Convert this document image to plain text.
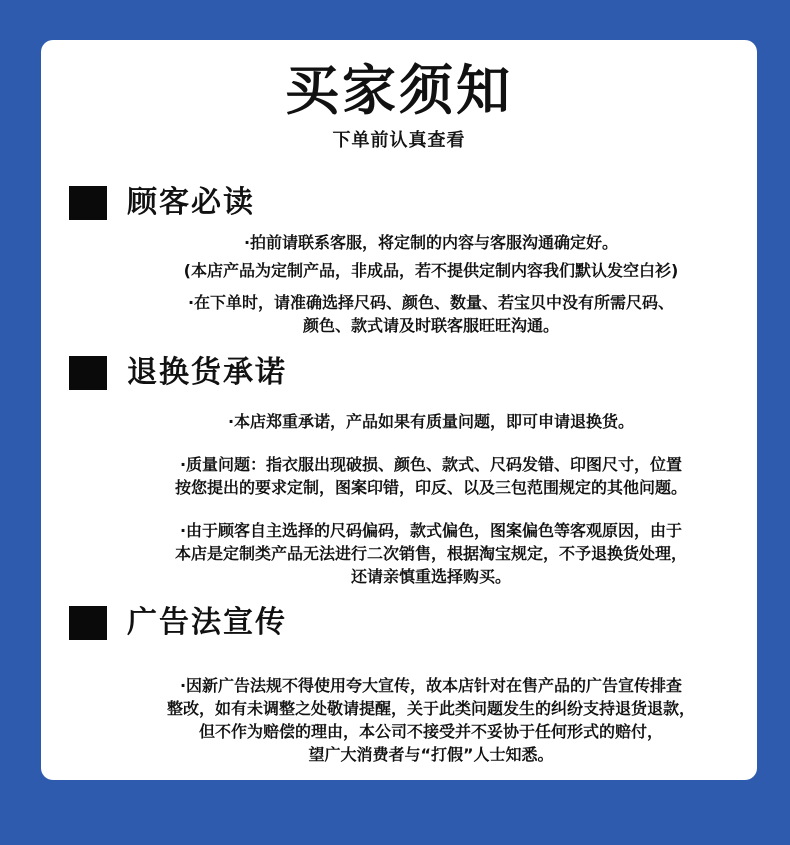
买家须知
下单前认真查看
顾客必读
·拍前请联系客服，将定制的内容与客服沟通确定好。
(本店产品为定制产品，非成品，若不提供定制内容我们默认发空白衫)
·在下单时，请准确选择尺码、颜色、数量、若宝贝中没有所需尺码、
颜色、款式请及时联客服旺旺沟通。
退换货承诺
·本店郑重承诺，产品如果有质量问题，即可申请退换货。
·质量问题：指衣服出现破损、颜色、款式、尺码发错、印图尺寸，位置
按您提出的要求定制，图案印错，印反、以及三包范围规定的其他问题。
·由于顾客自主选择的尺码偏码，款式偏色，图案偏色等客观原因，由于
本店是定制类产品无法进行二次销售，根据淘宝规定，不予退换货处理，
还请亲慎重选择购买。
广告法宣传
·因新广告法规不得使用夸大宣传，故本店针对在售产品的广告宣传排查
整改，如有未调整之处敬请提醒，关于此类问题发生的纠纷支持退货退款，
但不作为赔偿的理由，本公司不接受并不妥协于任何形式的赔付，
望广大消费者与“打假”人士知悉。
